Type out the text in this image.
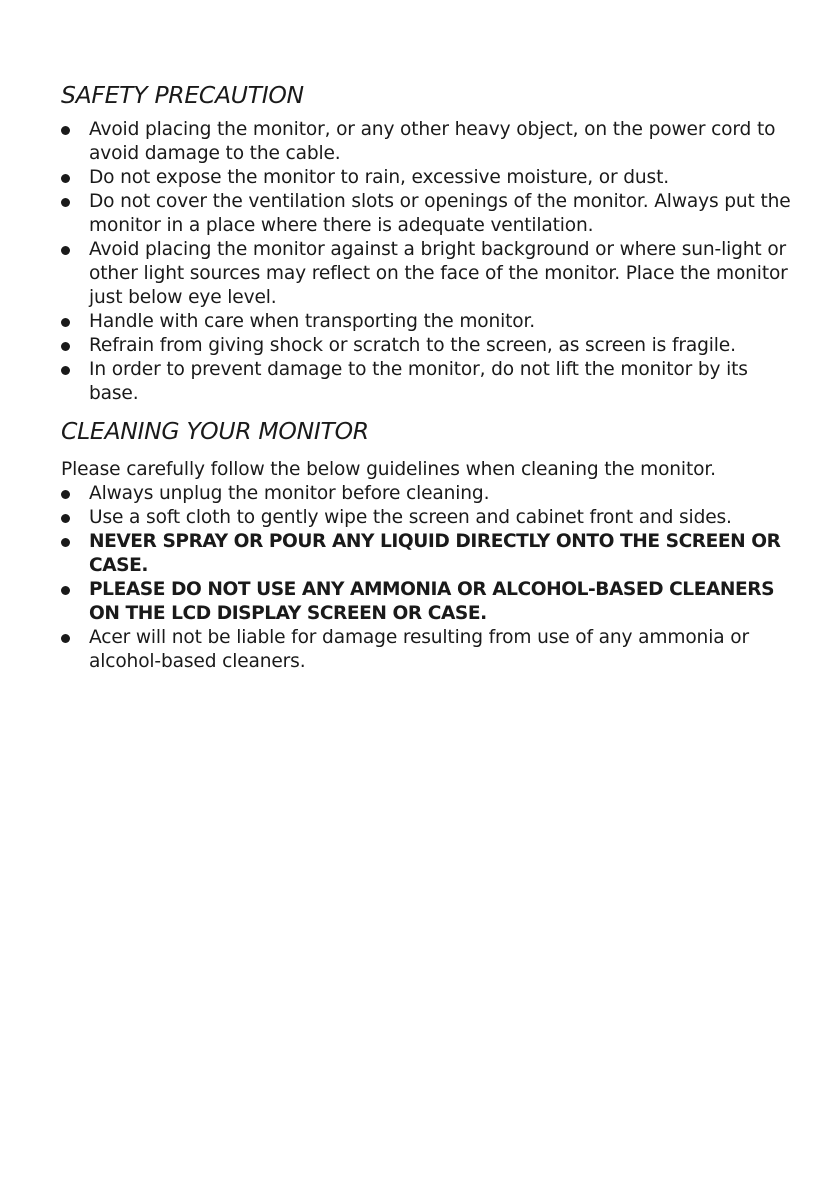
SAFETY PRECAUTION
Avoid placing the monitor, or any other heavy object, on the power cord to avoid damage to the cable.
Do not expose the monitor to rain, excessive moisture, or dust.
Do not cover the ventilation slots or openings of the monitor. Always put the monitor in a place where there is adequate ventilation.
Avoid placing the monitor against a bright background or where sun-light or other light sources may reflect on the face of the monitor. Place the monitor just below eye level.
Handle with care when transporting the monitor.
Refrain from giving shock or scratch to the screen, as screen is fragile.
In order to prevent damage to the monitor, do not lift the monitor by its base.
CLEANING YOUR MONITOR

Please carefully follow the below guidelines when cleaning the monitor.

Always unplug the monitor before cleaning.
Use a soft cloth to gently wipe the screen and cabinet front and sides.
NEVER SPRAY OR POUR ANY LIQUID DIRECTLY ONTO THE SCREEN OR CASE.
PLEASE DO NOT USE ANY AMMONIA OR ALCOHOL-BASED CLEANERS ON THE LCD DISPLAY SCREEN OR CASE.
Acer will not be liable for damage resulting from use of any ammonia or alcohol-based cleaners.
